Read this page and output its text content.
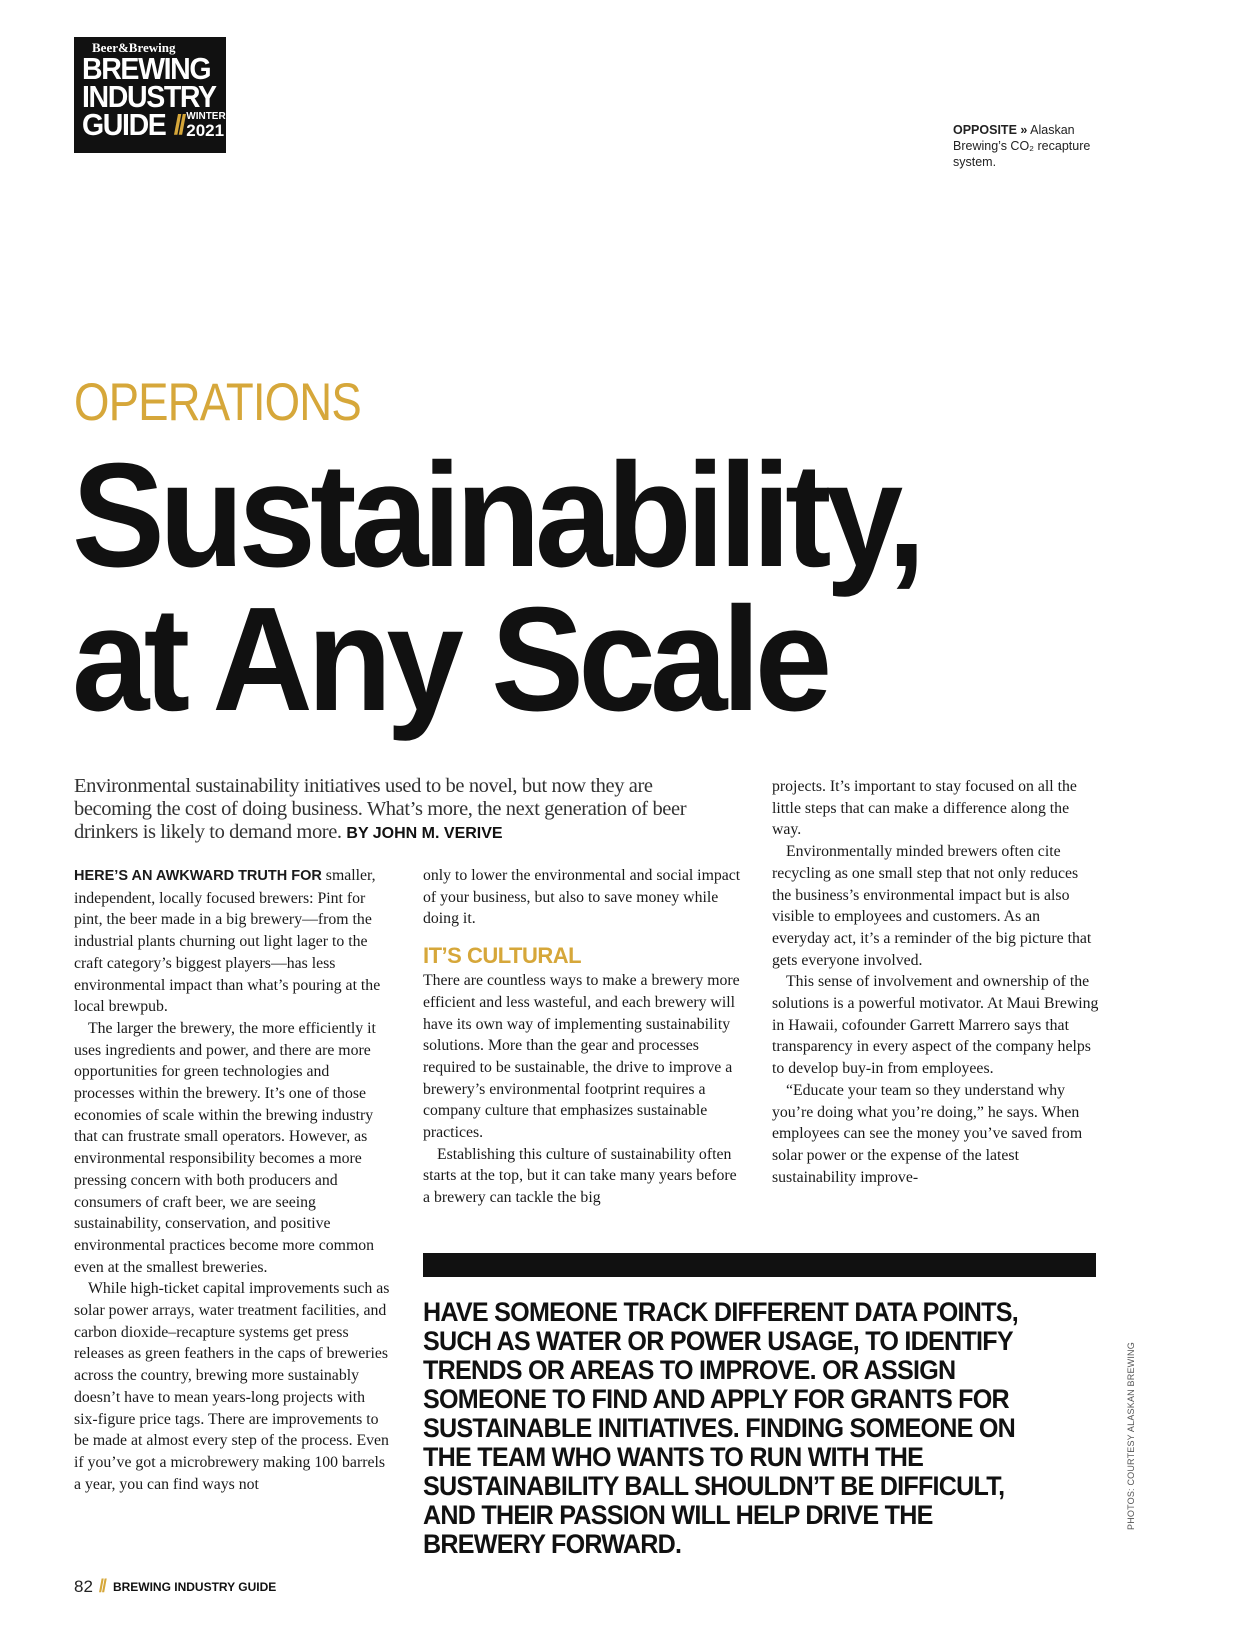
Beer&Brewing
BREWING
INDUSTRY
GUIDE // WINTER
2021	OPPOSITE » Alaskan Brewing’s CO₂ recapture system.
OPERATIONS
Sustainability,
at Any Scale
Environmental sustainability initiatives used to be novel, but now they are becoming the cost of doing business. What’s more, the next generation of beer drinkers is likely to demand more. BY JOHN M. VERIVE

HERE’S AN AWKWARD TRUTH FOR smaller, independent, locally focused brewers: Pint for pint, the beer made in a big brewery—from the industrial plants churning out light lager to the craft category’s biggest players—has less environmental impact than what’s pouring at the local brewpub.

The larger the brewery, the more efficiently it uses ingredients and power, and there are more opportunities for green technologies and processes within the brewery. It’s one of those economies of scale within the brewing industry that can frustrate small operators. However, as environmental responsibility becomes a more pressing concern with both producers and consumers of craft beer, we are seeing sustainability, conservation, and positive environmental practices become more common even at the smallest breweries.

While high-ticket capital improvements such as solar power arrays, water treatment facilities, and carbon dioxide–recapture systems get press releases as green feathers in the caps of breweries across the country, brewing more sustainably doesn’t have to mean years-long projects with six-figure price tags. There are improvements to be made at almost every step of the process. Even if you’ve got a microbrewery making 100 barrels a year, you can find ways not

only to lower the environmental and social impact of your business, but also to save money while doing it.

IT’S CULTURAL

There are countless ways to make a brewery more efficient and less wasteful, and each brewery will have its own way of implementing sustainability solutions. More than the gear and processes required to be sustainable, the drive to improve a brewery’s environmental footprint requires a company culture that emphasizes sustainable practices.

Establishing this culture of sustainability often starts at the top, but it can take many years before a brewery can tackle the big

projects. It’s important to stay focused on all the little steps that can make a difference along the way.

Environmentally minded brewers often cite recycling as one small step that not only reduces the business’s environmental impact but is also visible to employees and customers. As an everyday act, it’s a reminder of the big picture that gets everyone involved.

This sense of involvement and ownership of the solutions is a powerful motivator. At Maui Brewing in Hawaii, cofounder Garrett Marrero says that transparency in every aspect of the company helps to develop buy-in from employees.

“Educate your team so they understand why you’re doing what you’re doing,” he says. When employees can see the money you’ve saved from solar power or the expense of the latest sustainability improve-

HAVE SOMEONE TRACK DIFFERENT DATA POINTS, SUCH AS WATER OR POWER USAGE, TO IDENTIFY TRENDS OR AREAS TO IMPROVE. OR ASSIGN SOMEONE TO FIND AND APPLY FOR GRANTS FOR SUSTAINABLE INITIATIVES. FINDING SOMEONE ON THE TEAM WHO WANTS TO RUN WITH THE SUSTAINABILITY BALL SHOULDN’T BE DIFFICULT, AND THEIR PASSION WILL HELP DRIVE THE BREWERY FORWARD.
PHOTOS: COURTESY ALASKAN BREWING
82 // BREWING INDUSTRY GUIDE
